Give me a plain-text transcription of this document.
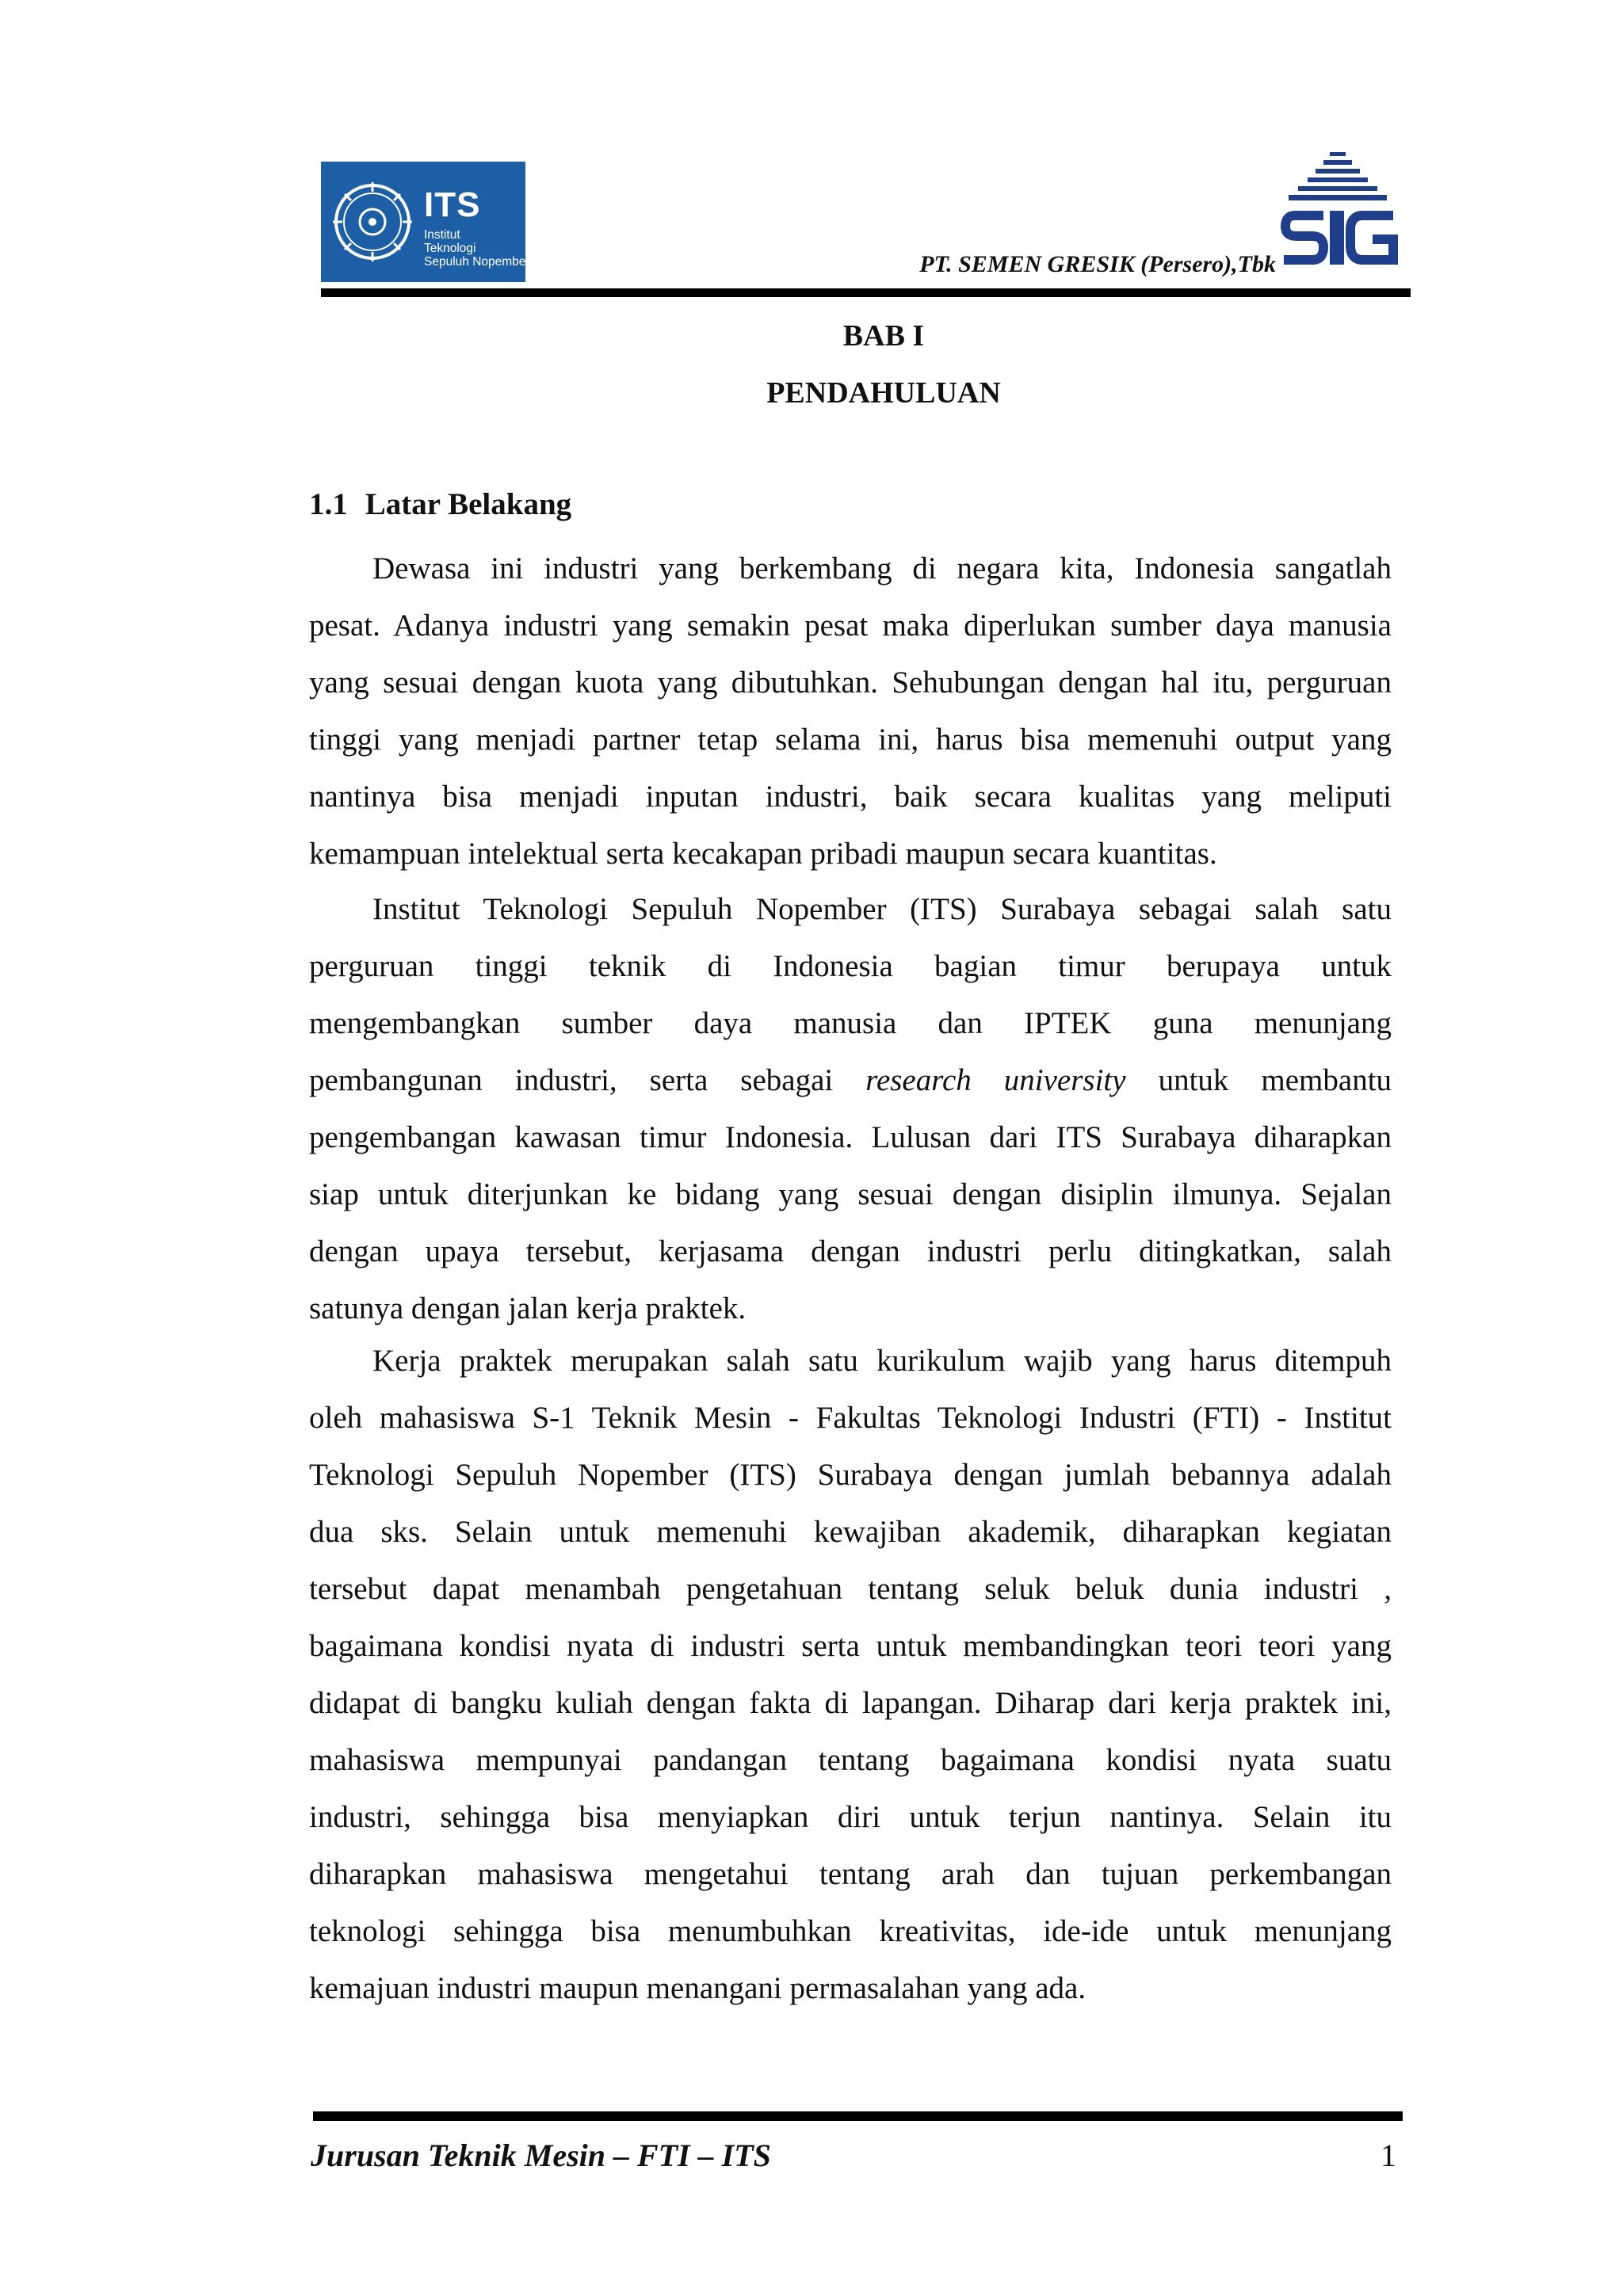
ITS
Institut
Teknologi
Sepuluh Nopember	PT. SEMEN GRESIK (Persero),Tbk
BAB I
PENDAHULUAN
1.1 Latar Belakang
Dewasa ini industri yang berkembang di negara kita, Indonesia sangatlah
pesat. Adanya industri yang semakin pesat maka diperlukan sumber daya manusia
yang sesuai dengan kuota yang dibutuhkan. Sehubungan dengan hal itu, perguruan
tinggi yang menjadi partner tetap selama ini, harus bisa memenuhi output yang
nantinya bisa menjadi inputan industri, baik secara kualitas yang meliputi
kemampuan intelektual serta kecakapan pribadi maupun secara kuantitas.
Institut Teknologi Sepuluh Nopember (ITS) Surabaya sebagai salah satu
perguruan tinggi teknik di Indonesia bagian timur berupaya untuk
mengembangkan sumber daya manusia dan IPTEK guna menunjang
pembangunan industri, serta sebagai research university untuk membantu
pengembangan kawasan timur Indonesia. Lulusan dari ITS Surabaya diharapkan
siap untuk diterjunkan ke bidang yang sesuai dengan disiplin ilmunya. Sejalan
dengan upaya tersebut, kerjasama dengan industri perlu ditingkatkan, salah
satunya dengan jalan kerja praktek.
Kerja praktek merupakan salah satu kurikulum wajib yang harus ditempuh
oleh mahasiswa S-1 Teknik Mesin - Fakultas Teknologi Industri (FTI) - Institut
Teknologi Sepuluh Nopember (ITS) Surabaya dengan jumlah bebannya adalah
dua sks. Selain untuk memenuhi kewajiban akademik, diharapkan kegiatan
tersebut dapat menambah pengetahuan tentang seluk beluk dunia industri ,
bagaimana kondisi nyata di industri serta untuk membandingkan teori teori yang
didapat di bangku kuliah dengan fakta di lapangan. Diharap dari kerja praktek ini,
mahasiswa mempunyai pandangan tentang bagaimana kondisi nyata suatu
industri, sehingga bisa menyiapkan diri untuk terjun nantinya. Selain itu
diharapkan mahasiswa mengetahui tentang arah dan tujuan perkembangan
teknologi sehingga bisa menumbuhkan kreativitas, ide-ide untuk menunjang
kemajuan industri maupun menangani permasalahan yang ada.
Jurusan Teknik Mesin – FTI – ITS	1
